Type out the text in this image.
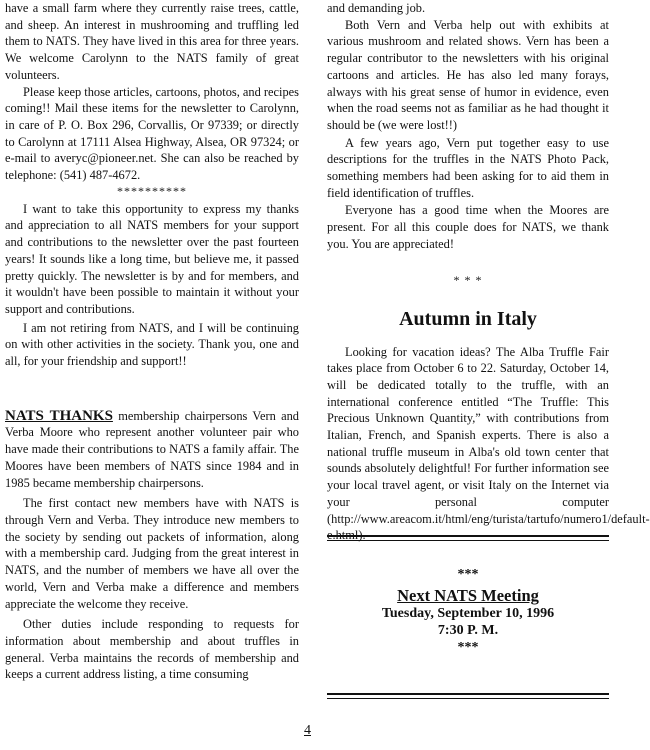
have a small farm where they currently raise trees, cattle, and sheep. An interest in mushrooming and truffling led them to NATS. They have lived in this area for three years. We welcome Carolynn to the NATS family of great volunteers.

Please keep those articles, cartoons, photos, and recipes coming!! Mail these items for the newsletter to Carolynn, in care of P. O. Box 296, Corvallis, Or 97339; or directly to Carolynn at 17111 Alsea Highway, Alsea, OR 97324; or e-mail to averyc@pioneer.net. She can also be reached by telephone: (541) 487-4672.

**********

I want to take this opportunity to express my thanks and appreciation to all NATS members for your support and contributions to the newsletter over the past fourteen years! It sounds like a long time, but believe me, it passed pretty quickly. The newsletter is by and for members, and it wouldn't have been possible to maintain it without your support and contributions.

I am not retiring from NATS, and I will be continuing on with other activities in the society. Thank you, one and all, for your friendship and support!!

NATS THANKS membership chairpersons Vern and Verba Moore who represent another volunteer pair who have made their contributions to NATS a family affair. The Moores have been members of NATS since 1984 and in 1985 became membership chairpersons.

The first contact new members have with NATS is through Vern and Verba. They introduce new members to the society by sending out packets of information, along with a membership card. Judging from the great interest in NATS, and the number of members we have all over the world, Vern and Verba make a difference and members appreciate the welcome they receive.

Other duties include responding to requests for information about membership and about truffles in general. Verba maintains the records of membership and keeps a current address listing, a time consuming

and demanding job.

Both Vern and Verba help out with exhibits at various mushroom and related shows. Vern has been a regular contributor to the newsletters with his original cartoons and articles. He has also led many forays, always with his great sense of humor in evidence, even when the road seems not as familiar as he had thought it should be (we were lost!!)

A few years ago, Vern put together easy to use descriptions for the truffles in the NATS Photo Pack, something members had been asking for to aid them in field identification of truffles.

Everyone has a good time when the Moores are present. For all this couple does for NATS, we thank you. You are appreciated!

* * *
Autumn in Italy

Looking for vacation ideas? The Alba Truffle Fair takes place from October 6 to 22. Saturday, October 14, will be dedicated totally to the truffle, with an international conference entitled “The Truffle: This Precious Unknown Quantity,” with contributions from Italian, French, and Spanish experts. There is also a national truffle museum in Alba's old town center that sounds absolutely delightful! For further information see your local travel agent, or visit Italy on the Internet via your personal computer (http://www.areacom.it/html/eng/turista/tartufo/numero1/default-e.html).

***
Next NATS Meeting
Tuesday, September 10, 1996
7:30 P. M.
***
4
